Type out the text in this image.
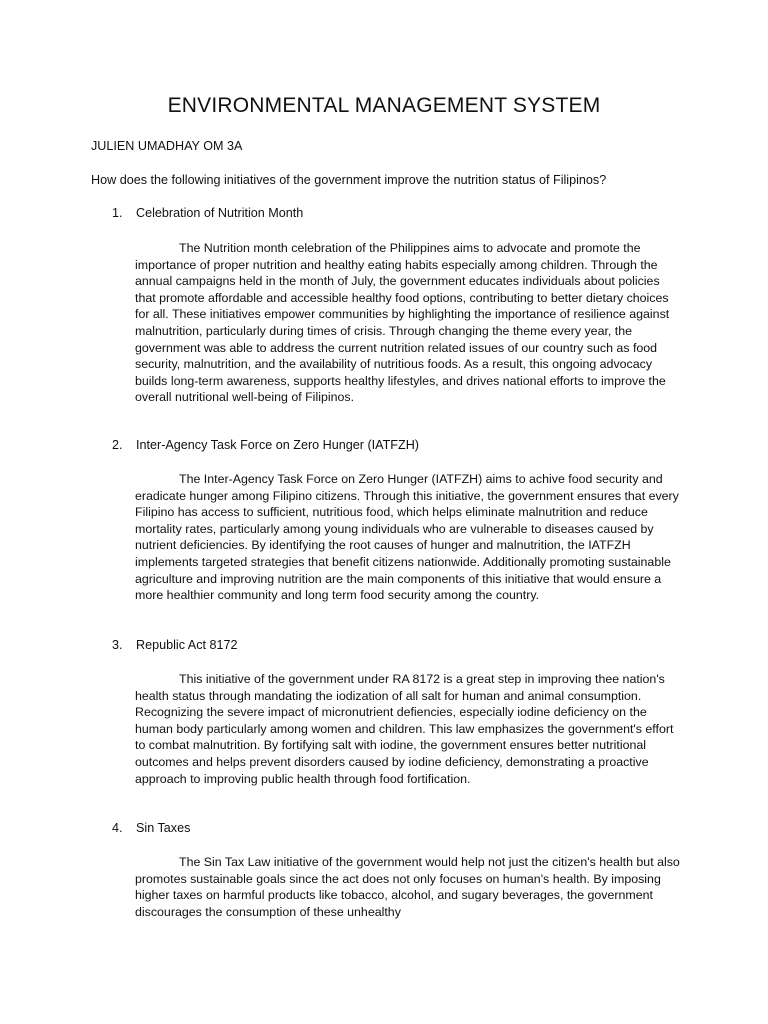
ENVIRONMENTAL MANAGEMENT SYSTEM

JULIEN UMADHAY OM 3A

How does the following initiatives of the government improve the nutrition status of Filipinos?

1. Celebration of Nutrition Month

The Nutrition month celebration of the Philippines aims to advocate and promote the importance of proper nutrition and healthy eating habits especially among children. Through the annual campaigns held in the month of July, the government educates individuals about policies that promote affordable and accessible healthy food options, contributing to better dietary choices for all. These initiatives empower communities by highlighting the importance of resilience against malnutrition, particularly during times of crisis. Through changing the theme every year, the government was able to address the current nutrition related issues of our country such as food security, malnutrition, and the availability of nutritious foods. As a result, this ongoing advocacy builds long-term awareness, supports healthy lifestyles, and drives national efforts to improve the overall nutritional well-being of Filipinos.

2. Inter-Agency Task Force on Zero Hunger (IATFZH)

The Inter-Agency Task Force on Zero Hunger (IATFZH) aims to achive food security and eradicate hunger among Filipino citizens. Through this initiative, the government ensures that every Filipino has access to sufficient, nutritious food, which helps eliminate malnutrition and reduce mortality rates, particularly among young individuals who are vulnerable to diseases caused by nutrient deficiencies. By identifying the root causes of hunger and malnutrition, the IATFZH implements targeted strategies that benefit citizens nationwide. Additionally promoting sustainable agriculture and improving nutrition are the main components of this initiative that would ensure a more healthier community and long term food security among the country.

3. Republic Act 8172

This initiative of the government under RA 8172 is a great step in improving thee nation's health status through mandating the iodization of all salt for human and animal consumption. Recognizing the severe impact of micronutrient defiencies, especially iodine deficiency on the human body particularly among women and children. This law emphasizes the government's effort to combat malnutrition. By fortifying salt with iodine, the government ensures better nutritional outcomes and helps prevent disorders caused by iodine deficiency, demonstrating a proactive approach to improving public health through food fortification.

4. Sin Taxes

The Sin Tax Law initiative of the government would help not just the citizen's health but also promotes sustainable goals since the act does not only focuses on human's health. By imposing higher taxes on harmful products like tobacco, alcohol, and sugary beverages, the government discourages the consumption of these unhealthy
